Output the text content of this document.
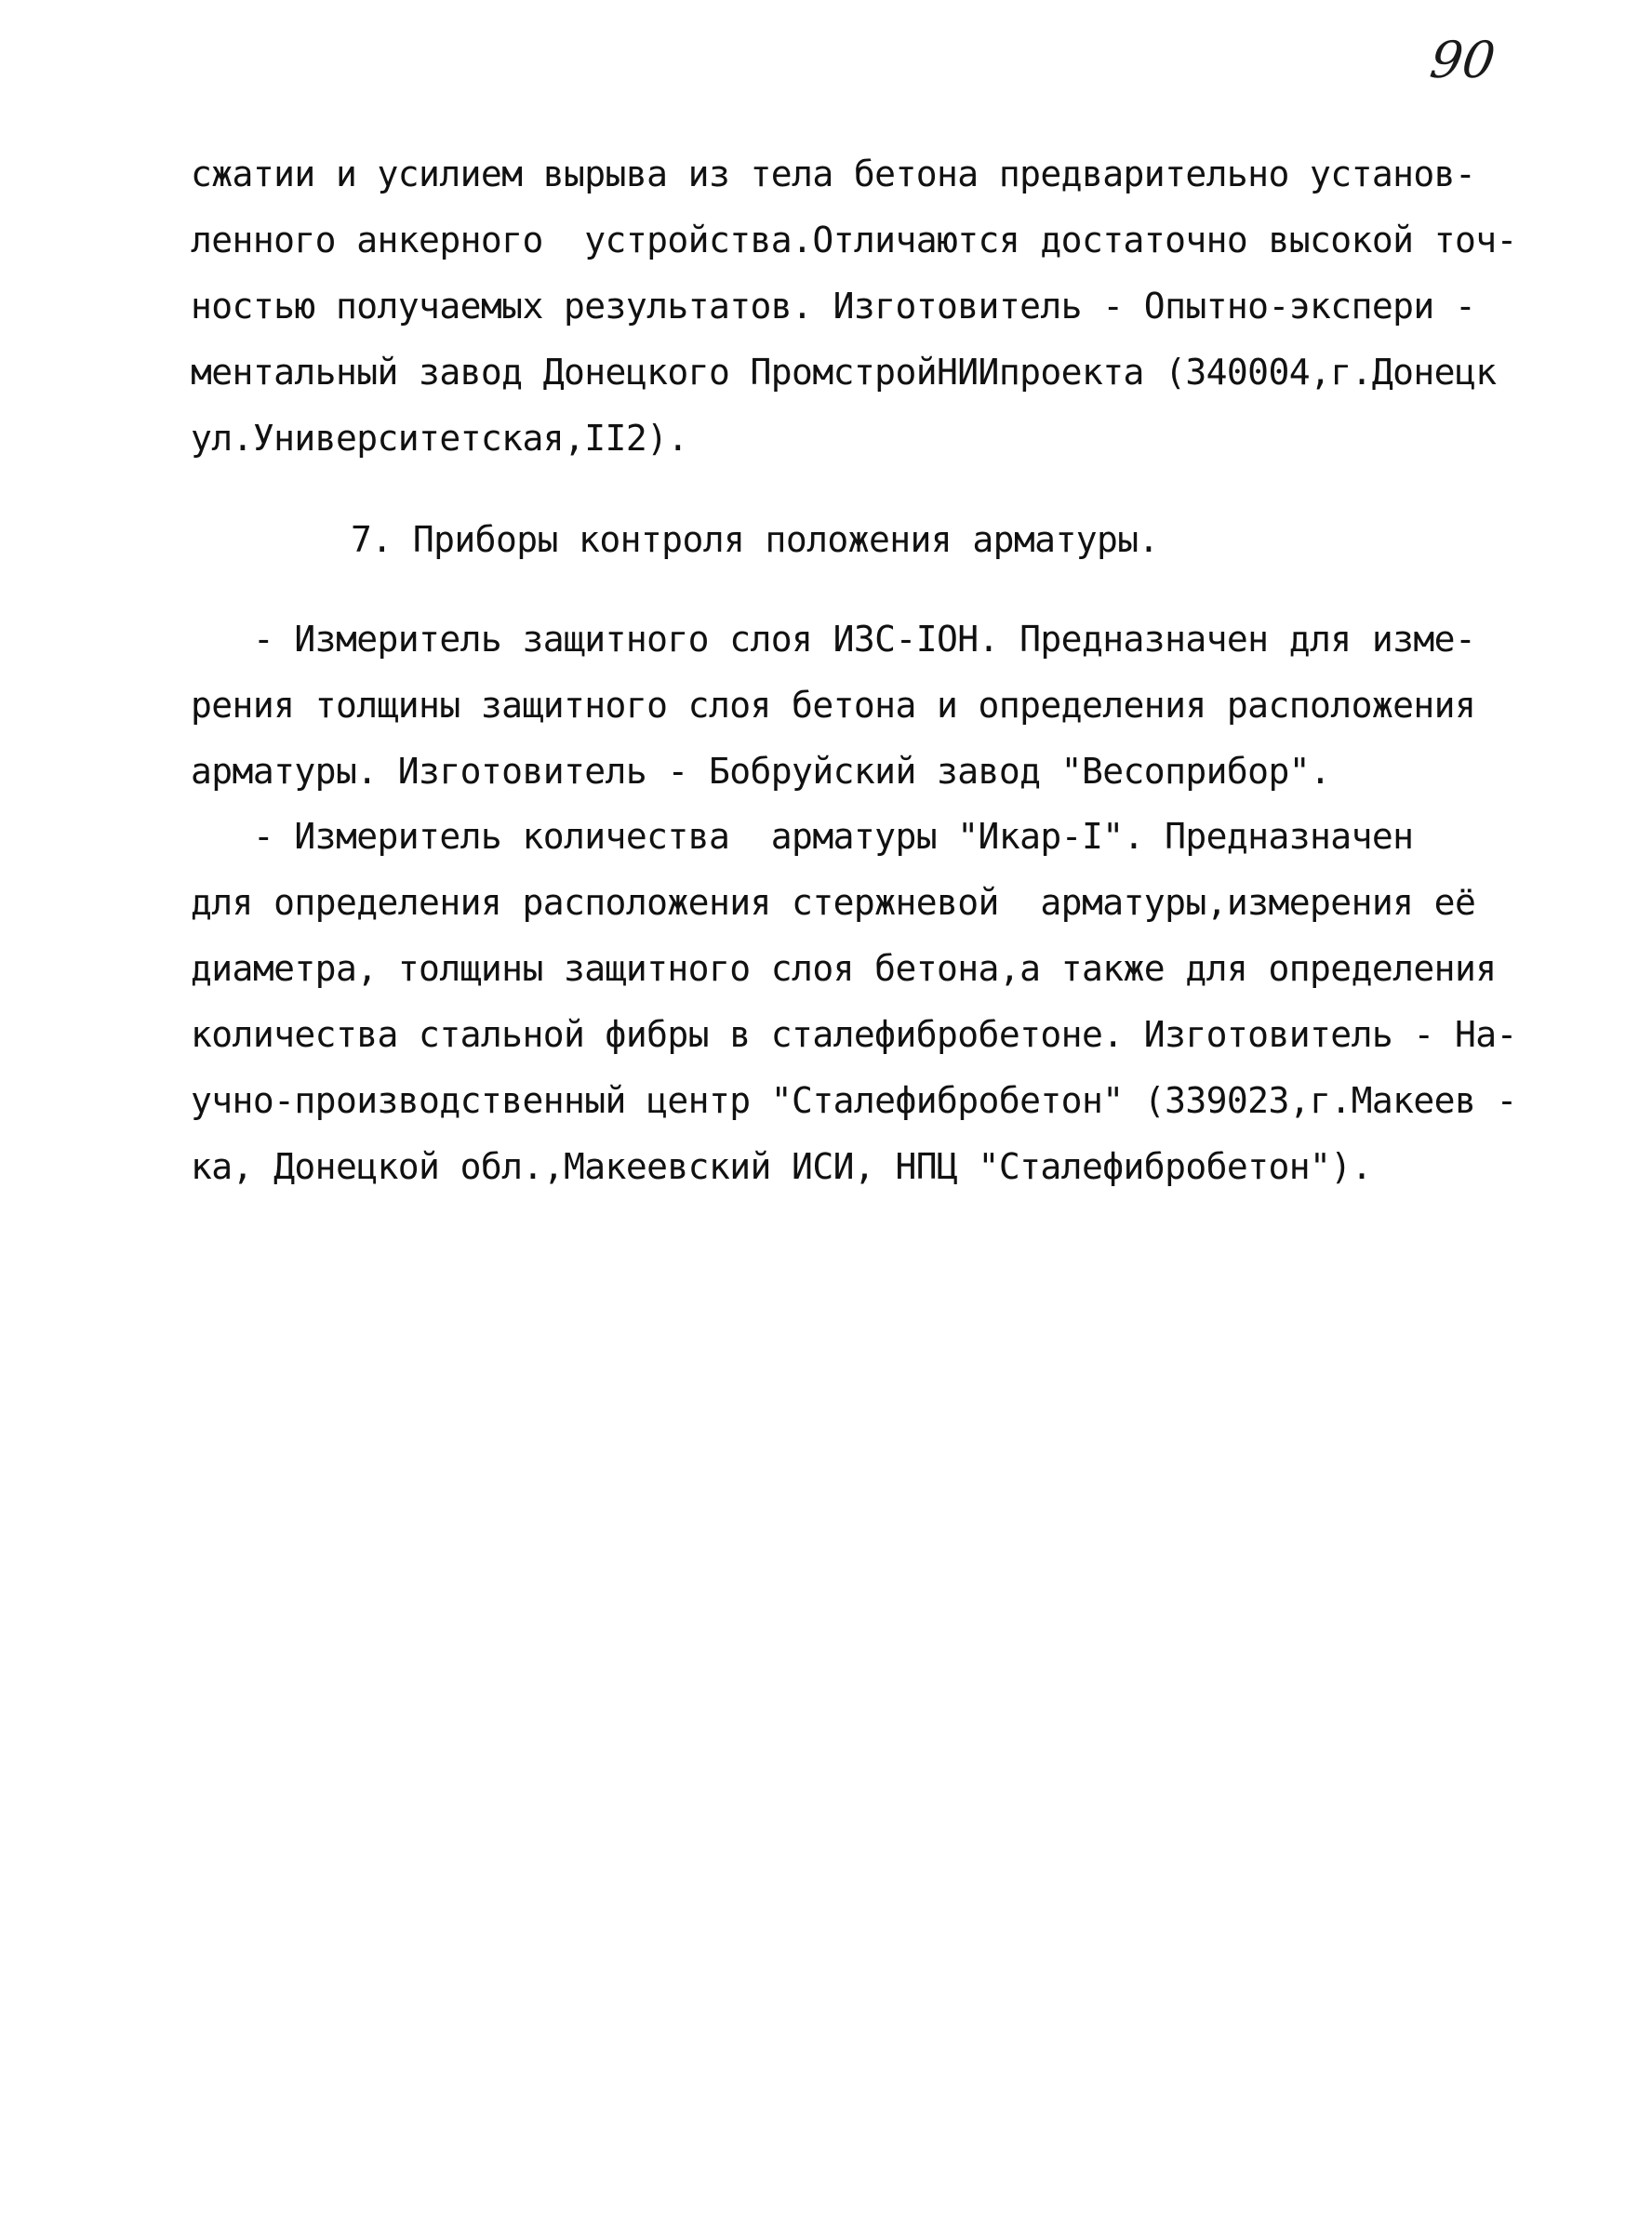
90
сжатии и усилием вырыва из тела бетона предварительно установ-
ленного анкерного  устройства.Отличаются достаточно высокой точ-
ностью получаемых результатов. Изготовитель - Опытно-экспери -
ментальный завод Донецкого ПромстройНИИпроекта (340004,г.Донецк
ул.Университетская,II2).
7. Приборы контроля положения арматуры.
- Измеритель защитного слоя ИЗС-IOH. Предназначен для изме-
рения толщины защитного слоя бетона и определения расположения
арматуры. Изготовитель - Бобруйский завод "Весоприбор".
- Измеритель количества  арматуры "Икар-I". Предназначен
для определения расположения стержневой  арматуры,измерения её
диаметра, толщины защитного слоя бетона,а также для определения
количества стальной фибры в сталефибробетоне. Изготовитель - На-
учно-производственный центр "Сталефибробетон" (339023,г.Макеев -
ка, Донецкой обл.,Макеевский ИСИ, НПЦ "Сталефибробетон").
